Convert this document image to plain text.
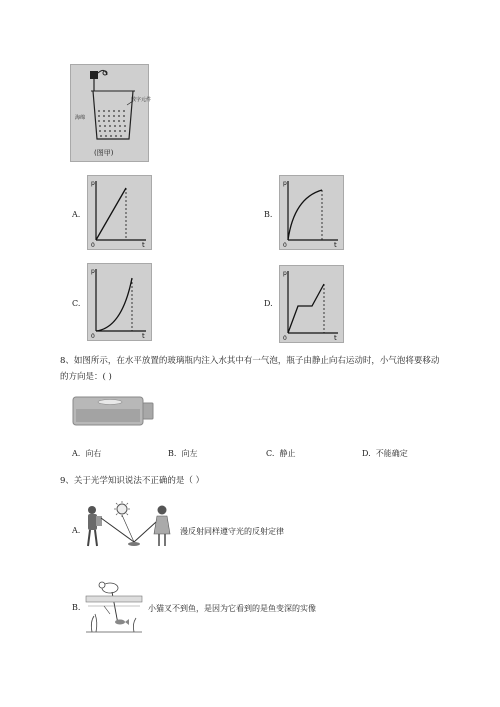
海绵
数字元件
(图甲)
A.
p
t
0
B.
p
t
0
C.
p
t
0
D.
p
t
0
8、如图所示，在水平放置的玻璃瓶内注入水其中有一气泡，瓶子由静止向右运动时，小气泡将要移动
的方向是：( )
A. 向右	B. 向左	C. 静止	D. 不能确定
9、关于光学知识说法不正确的是（ ）
A.	漫反射同样遵守光的反射定律
B.	小猫叉不到鱼，是因为它看到的是鱼变深的实像
